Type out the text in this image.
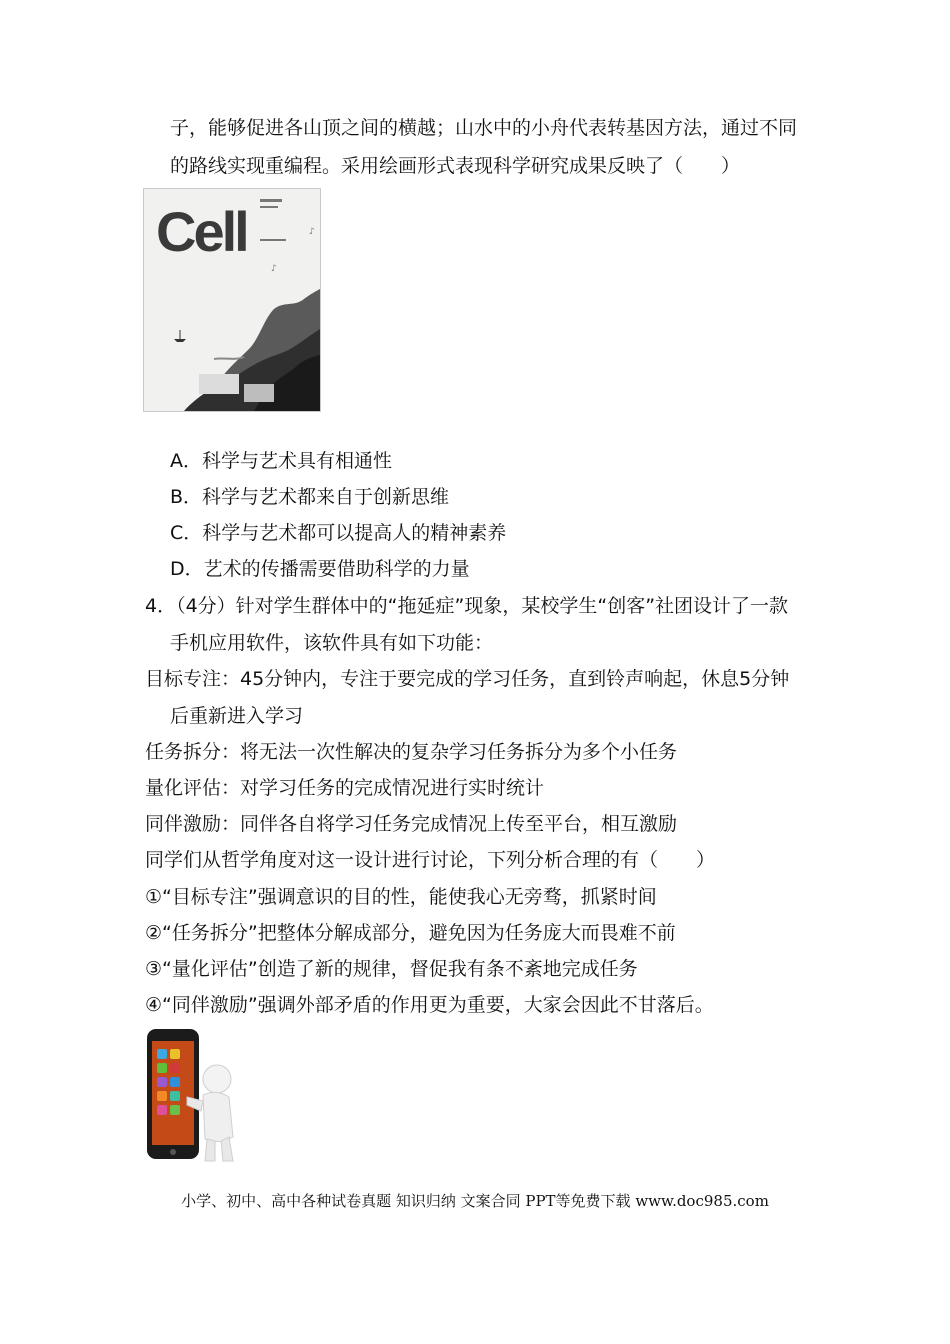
子，能够促进各山顶之间的横越；山水中的小舟代表转基因方法，通过不同
的路线实现重编程。采用绘画形式表现科学研究成果反映了（　　）
Cell	♪
♪
A．科学与艺术具有相通性
B．科学与艺术都来自于创新思维
C．科学与艺术都可以提高人的精神素养
D．艺术的传播需要借助科学的力量
4．（4分）针对学生群体中的“拖延症”现象，某校学生“创客”社团设计了一款
手机应用软件，该软件具有如下功能：
目标专注：45分钟内，专注于要完成的学习任务，直到铃声响起，休息5分钟
后重新进入学习
任务拆分：将无法一次性解决的复杂学习任务拆分为多个小任务
量化评估：对学习任务的完成情况进行实时统计
同伴激励：同伴各自将学习任务完成情况上传至平台，相互激励
同学们从哲学角度对这一设计进行讨论，下列分析合理的有（　　）
①“目标专注”强调意识的目的性，能使我心无旁骛，抓紧时间
②“任务拆分”把整体分解成部分，避免因为任务庞大而畏难不前
③“量化评估”创造了新的规律，督促我有条不紊地完成任务
④“同伴激励”强调外部矛盾的作用更为重要，大家会因此不甘落后。
小学、初中、高中各种试卷真题 知识归纳 文案合同 PPT等免费下载 www.doc985.com
